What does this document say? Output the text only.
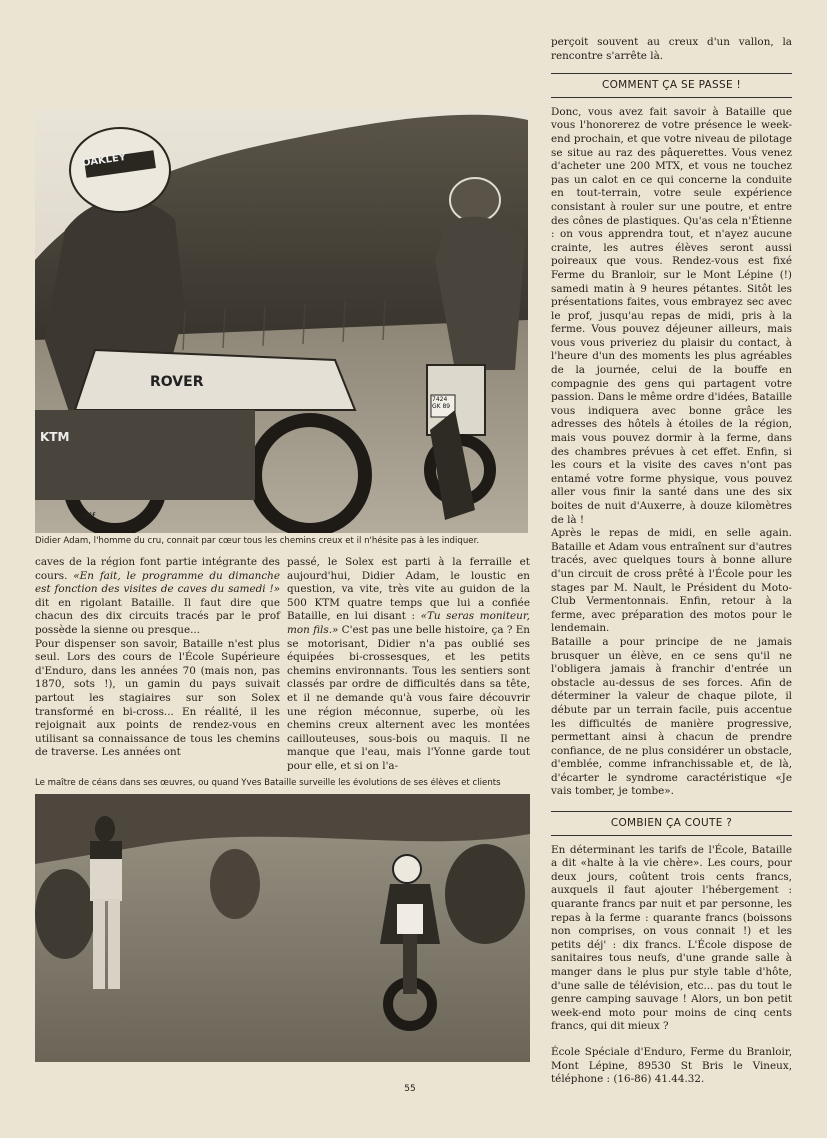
OAKLEY
ROVER
KTM
7424 GK 89
elf
Didier Adam, l'homme du cru, connait par cœur tous les chemins creux et il n'hésite pas à les indiquer.

caves de la région font partie intégrante des cours. «En fait, le programme du dimanche est fonction des visites de caves du samedi !» dit en rigolant Bataille. Il faut dire que chacun des dix circuits tracés par le prof possède la sienne ou presque...

Pour dispenser son savoir, Bataille n'est plus seul. Lors des cours de l'École Supérieure d'Enduro, dans les années 70 (mais non, pas 1870, sots !), un gamin du pays suivait partout les stagiaires sur son Solex transformé en bi-cross... En réalité, il les rejoignait aux points de rendez-vous en utilisant sa connaissance de tous les chemins de traverse. Les années ont

passé, le Solex est parti à la ferraille et aujourd'hui, Didier Adam, le loustic en question, va vite, très vite au guidon de la 500 KTM quatre temps que lui a confiée Bataille, en lui disant : «Tu seras moniteur, mon fils.» C'est pas une belle histoire, ça ? En se motorisant, Didier n'a pas oublié ses équipées bi-crossesques, et les petits chemins environnants. Tous les sentiers sont classés par ordre de difficultés dans sa tête, et il ne demande qu'à vous faire découvrir une région méconnue, superbe, où les chemins creux alternent avec les montées caillouteuses, sous-bois ou maquis. Il ne manque que l'eau, mais l'Yonne garde tout pour elle, et si on l'a-

Le maître de céans dans ses œuvres, ou quand Yves Bataille surveille les évolutions de ses élèves et clients

perçoit souvent au creux d'un vallon, la rencontre s'arrête là.

COMMENT ÇA SE PASSE !

Donc, vous avez fait savoir à Bataille que vous l'honorerez de votre présence le week-end prochain, et que votre niveau de pilotage se situe au raz des pâquerettes. Vous venez d'acheter une 200 MTX, et vous ne touchez pas un calot en ce qui concerne la conduite en tout-terrain, votre seule expérience consistant à rouler sur une poutre, et entre des cônes de plastiques. Qu'as cela n'Étienne : on vous apprendra tout, et n'ayez aucune crainte, les autres élèves seront aussi poireaux que vous. Rendez-vous est fixé Ferme du Branloir, sur le Mont Lépine (!) samedi matin à 9 heures pétantes. Sitôt les présentations faites, vous embrayez sec avec le prof, jusqu'au repas de midi, pris à la ferme. Vous pouvez déjeuner ailleurs, mais vous vous priveriez du plaisir du contact, à l'heure d'un des moments les plus agréables de la journée, celui de la bouffe en compagnie des gens qui partagent votre passion. Dans le même ordre d'idées, Bataille vous indiquera avec bonne grâce les adresses des hôtels à étoiles de la région, mais vous pouvez dormir à la ferme, dans des chambres prévues à cet effet. Enfin, si les cours et la visite des caves n'ont pas entamé votre forme physique, vous pouvez aller vous finir la santé dans une des six boites de nuit d'Auxerre, à douze kilomètres de là !

Après le repas de midi, en selle again. Bataille et Adam vous entraînent sur d'autres tracés, avec quelques tours à bonne allure d'un circuit de cross prêté à l'École pour les stages par M. Nault, le Président du Moto-Club Vermentonnais. Enfin, retour à la ferme, avec préparation des motos pour le lendemain.

Bataille a pour principe de ne jamais brusquer un élève, en ce sens qu'il ne l'obligera jamais à franchir d'entrée un obstacle au-dessus de ses forces. Afin de déterminer la valeur de chaque pilote, il débute par un terrain facile, puis accentue les difficultés de manière progressive, permettant ainsi à chacun de prendre confiance, de ne plus considérer un obstacle, d'emblée, comme infranchissable et, de là, d'écarter le syndrome caractéristique «Je vais tomber, je tombe».

COMBIEN ÇA COUTE ?

En déterminant les tarifs de l'École, Bataille a dit «halte à la vie chère». Les cours, pour deux jours, coûtent trois cents francs, auxquels il faut ajouter l'hébergement : quarante francs par nuit et par personne, les repas à la ferme : quarante francs (boissons non comprises, on vous connait !) et les petits déj' : dix francs. L'École dispose de sanitaires tous neufs, d'une grande salle à manger dans le plus pur style table d'hôte, d'une salle de télévision, etc... pas du tout le genre camping sauvage ! Alors, un bon petit week-end moto pour moins de cinq cents francs, qui dit mieux ?

École Spéciale d'Enduro, Ferme du Branloir, Mont Lépine, 89530 St Bris le Vineux, téléphone : (16-86) 41.44.32.

55
